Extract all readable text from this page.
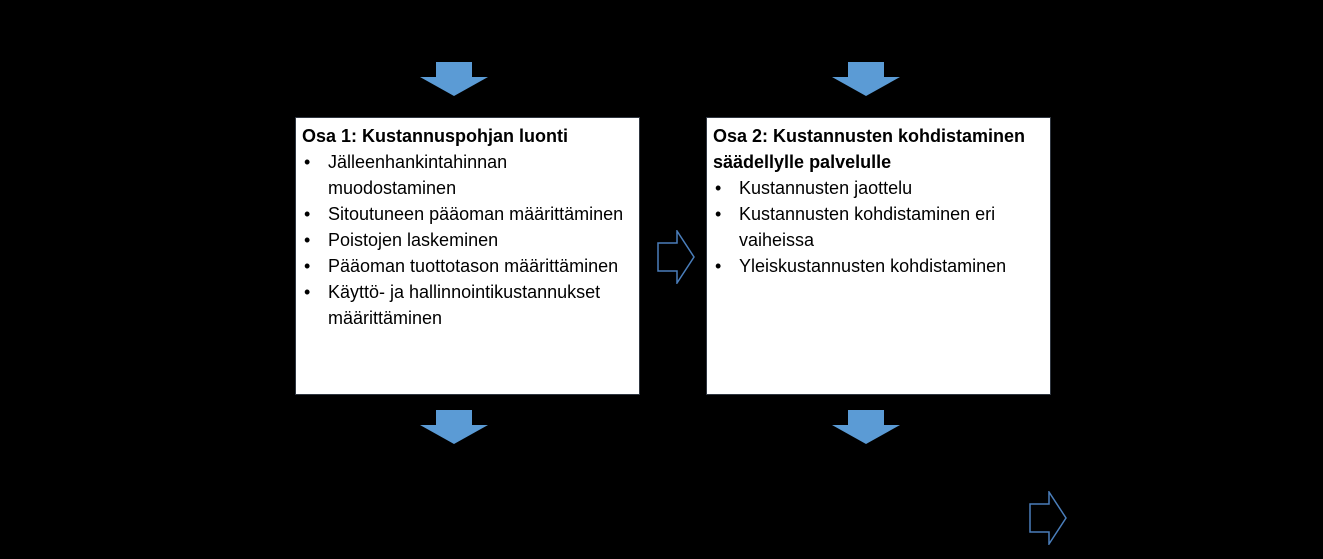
Osa 1: Kustannuspohjan luonti

• Jälleenhankintahinnan muodostaminen
• Sitoutuneen pääoman määrittäminen
• Poistojen laskeminen
• Pääoman tuottotason määrittäminen
• Käyttö- ja hallinnointikustannukset määrittäminen

Osa 2: Kustannusten kohdistaminen säädellylle palvelulle

• Kustannusten jaottelu
• Kustannusten kohdistaminen eri vaiheissa
• Yleiskustannusten kohdistaminen
